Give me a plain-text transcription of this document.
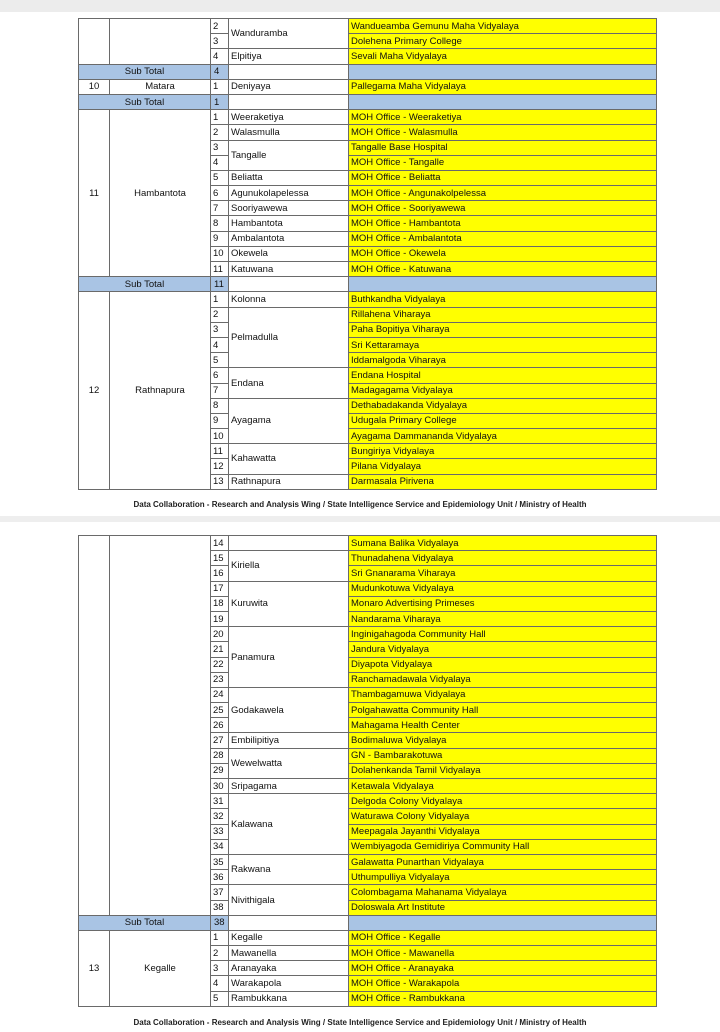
		2	Wanduramba	Wandueamba Gemunu Maha Vidyalaya
		3		Dolehena Primary College
		4	Elpitiya	Sevali Maha Vidyalaya
Sub Total		4		
10	Matara	1	Deniyaya	Pallegama Maha Vidyalaya
Sub Total		1		
11	Hambantota	1	Weeraketiya	MOH Office - Weeraketiya
		2	Walasmulla	MOH Office - Walasmulla
		3	Tangalle	Tangalle Base Hospital
		4		MOH Office - Tangalle
		5	Beliatta	MOH Office - Beliatta
		6	Agunukolapelessa	MOH Office - Angunakolpelessa
		7	Sooriyawewa	MOH Office - Sooriyawewa
		8	Hambantota	MOH Office - Hambantota
		9	Ambalantota	MOH Office - Ambalantota
		10	Okewela	MOH Office - Okewela
		11	Katuwana	MOH Office - Katuwana
Sub Total		11		
12	Rathnapura	1	Kolonna	Buthkandha Vidyalaya
		2	Pelmadulla	Rillahena Viharaya
		3		Paha Bopitiya Viharaya
		4		Sri Kettaramaya
		5		Iddamalgoda Viharaya
		6	Endana	Endana Hospital
		7		Madagagama Vidyalaya
		8	Ayagama	Dethabadakanda Vidyalaya
		9		Udugala Primary College
		10		Ayagama Dammananda Vidyalaya
		11	Kahawatta	Bungiriya Vidyalaya
		12		Pilana Vidyalaya
		13	Rathnapura	Darmasala Pirivena
Data Collaboration - Research and Analysis Wing / State Intelligence Service and Epidemiology Unit / Ministry of Health
		14		Sumana Balika Vidyalaya
		15	Kiriella	Thunadahena Vidyalaya
		16		Sri Gnanarama Viharaya
		17	Kuruwita	Mudunkotuwa Vidyalaya
		18		Monaro Advertising Primeses
		19		Nandarama Viharaya
		20	Panamura	Inginigahagoda Community Hall
		21		Jandura Vidyalaya
		22		Diyapota Vidyalaya
		23		Ranchamadawala Vidyalaya
		24	Godakawela	Thambagamuwa Vidyalaya
		25		Polgahawatta Community Hall
		26		Mahagama Health Center
		27	Embilipitiya	Bodimaluwa Vidyalaya
		28	Wewelwatta	GN - Bambarakotuwa
		29		Dolahenkanda Tamil Vidyalaya
		30	Sripagama	Ketawala Vidyalaya
		31	Kalawana	Delgoda Colony Vidyalaya
		32		Waturawa Colony Vidyalaya
		33		Meepagala Jayanthi Vidyalaya
		34		Wembiyagoda Gemidiriya Community Hall
		35	Rakwana	Galawatta Punarthan Vidyalaya
		36		Uthumpulliya Vidyalaya
		37	Nivithigala	Colombagama Mahanama Vidyalaya
		38		Doloswala Art Institute
Sub Total		38		
13	Kegalle	1	Kegalle	MOH Office - Kegalle
		2	Mawanella	MOH Office - Mawanella
		3	Aranayaka	MOH Office - Aranayaka
		4	Warakapola	MOH Office - Warakapola
		5	Rambukkana	MOH Office - Rambukkana
Data Collaboration - Research and Analysis Wing / State Intelligence Service and Epidemiology Unit / Ministry of Health
